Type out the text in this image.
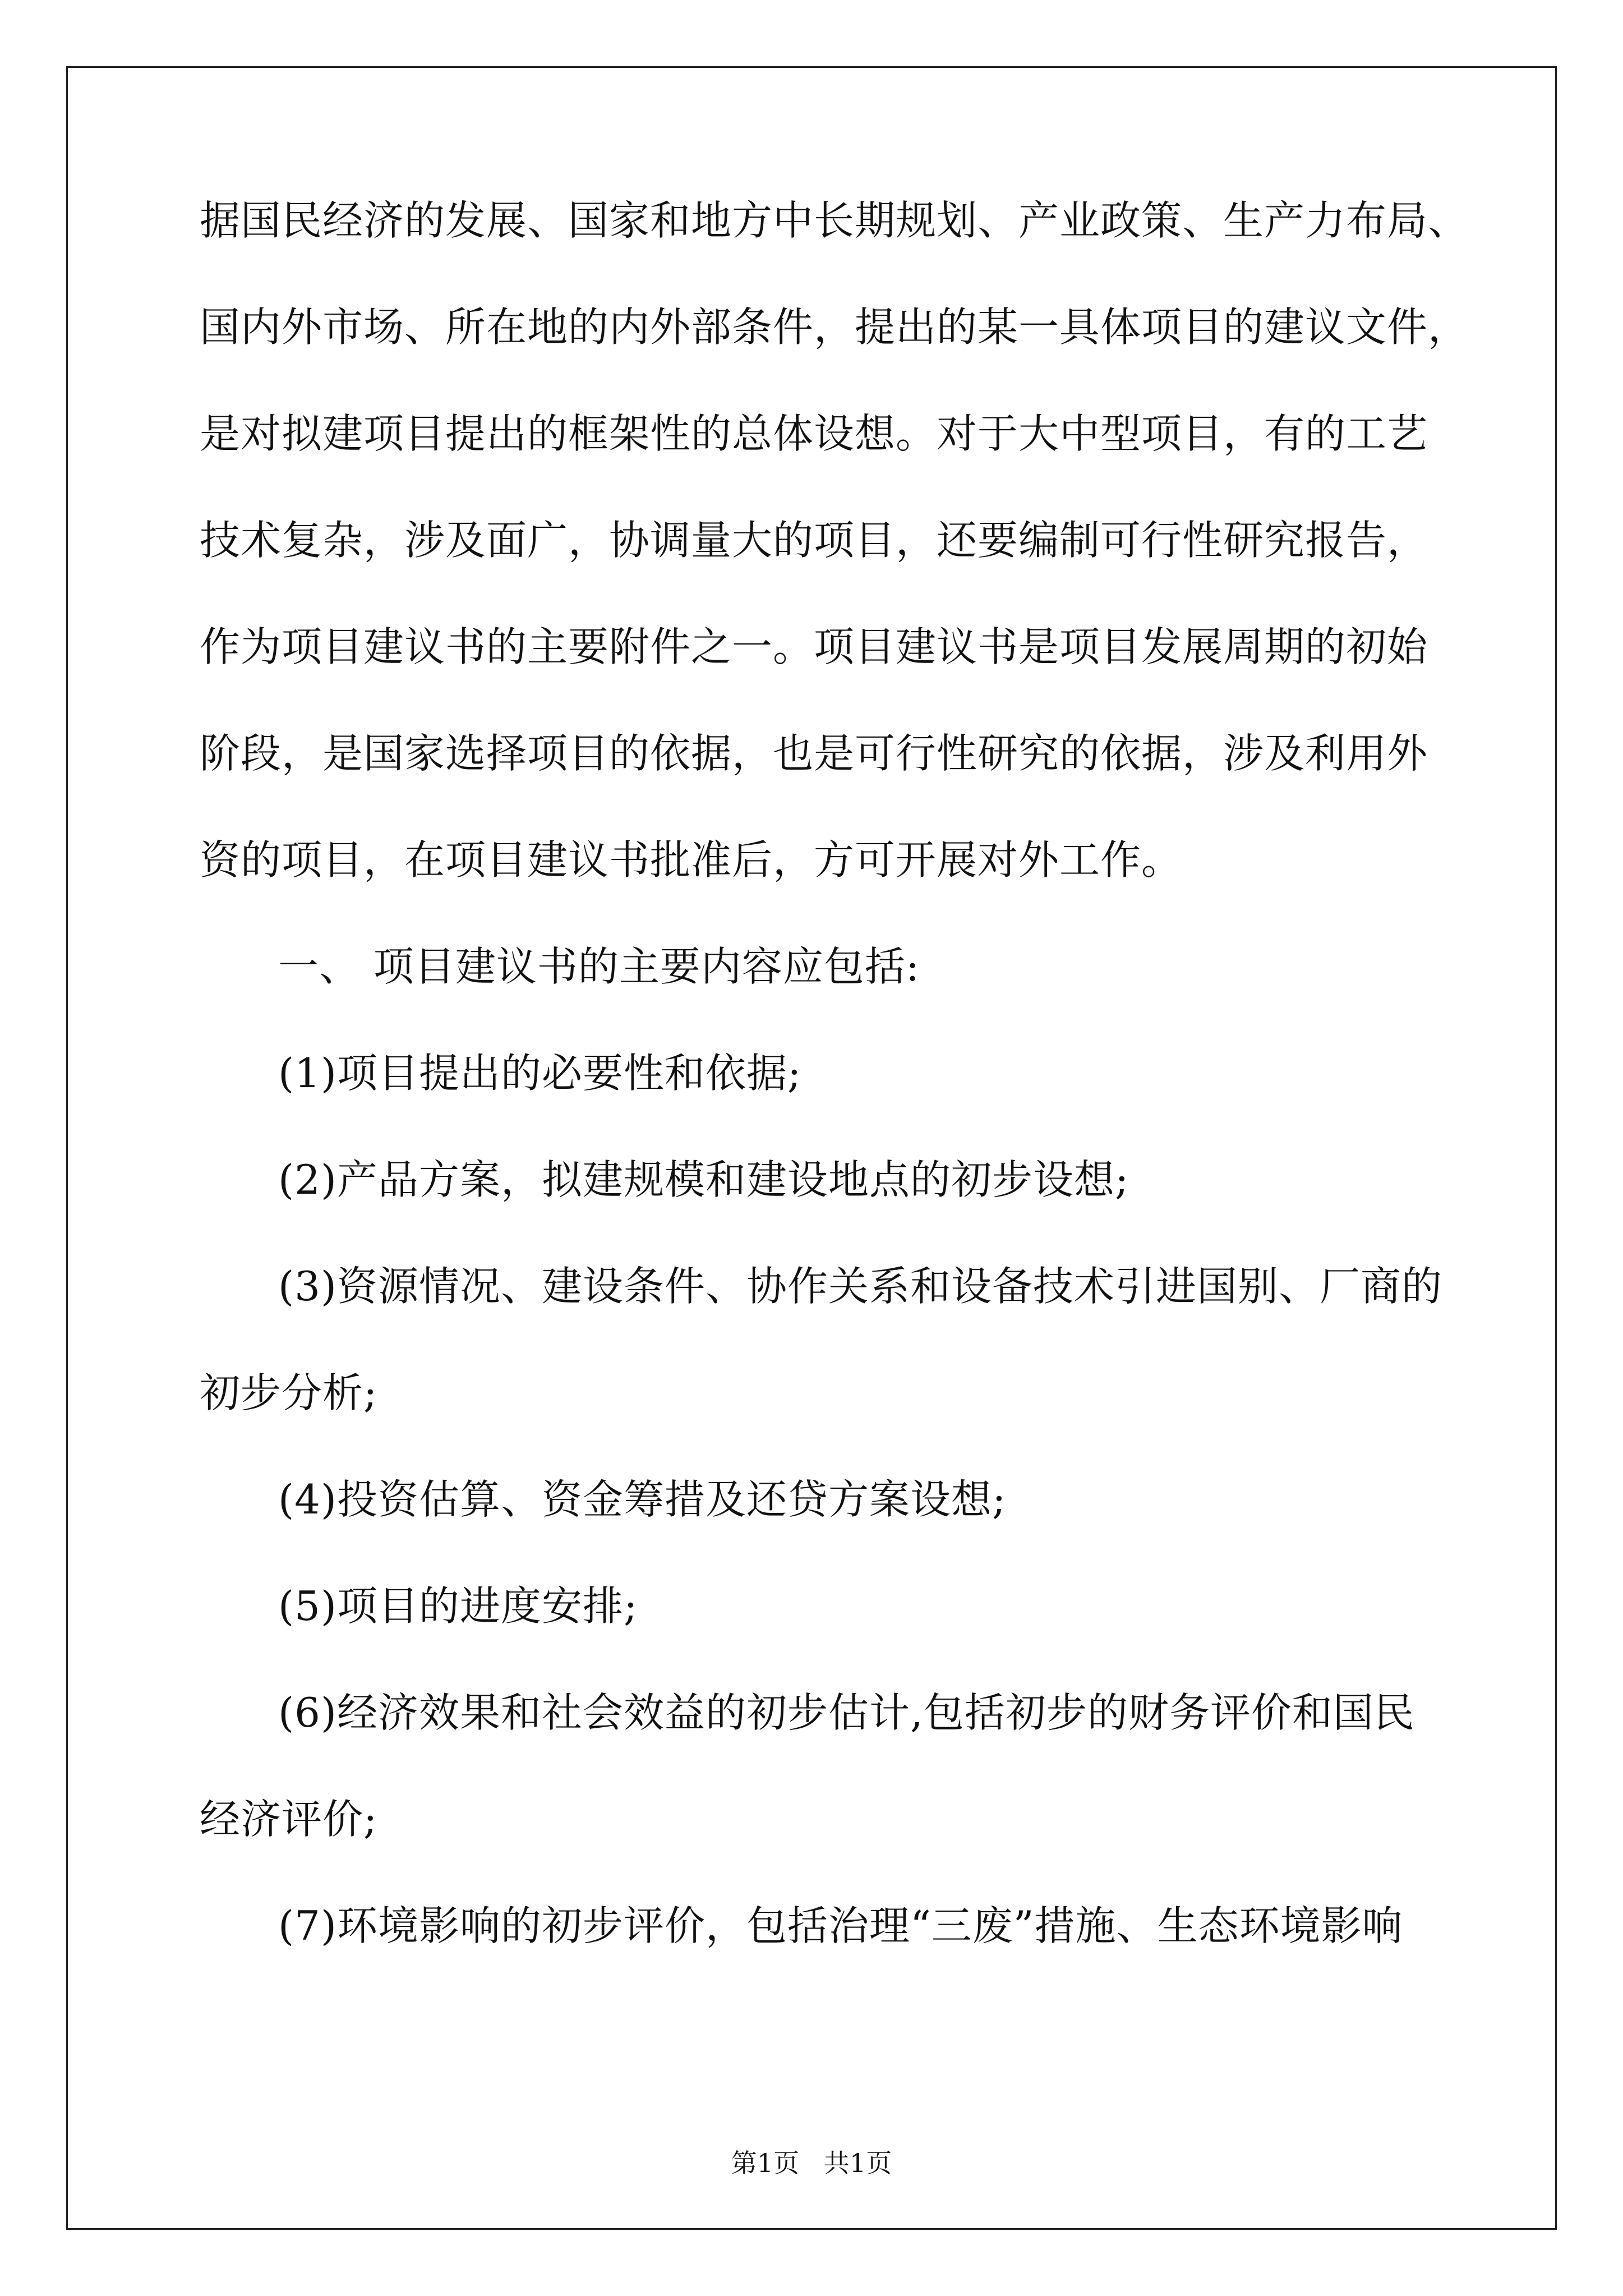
据国民经济的发展、国家和地方中长期规划、产业政策、生产力布局、
国内外市场、所在地的内外部条件，提出的某一具体项目的建议文件，
是对拟建项目提出的框架性的总体设想。对于大中型项目，有的工艺
技术复杂，涉及面广，协调量大的项目，还要编制可行性研究报告，
作为项目建议书的主要附件之一。项目建议书是项目发展周期的初始
阶段，是国家选择项目的依据，也是可行性研究的依据，涉及利用外
资的项目，在项目建议书批准后，方可开展对外工作。
一、 项目建议书的主要内容应包括:
(1)项目提出的必要性和依据;
(2)产品方案，拟建规模和建设地点的初步设想;
(3)资源情况、建设条件、协作关系和设备技术引进国别、厂商的
初步分析;
(4)投资估算、资金筹措及还贷方案设想;
(5)项目的进度安排;
(6)经济效果和社会效益的初步估计,包括初步的财务评价和国民
经济评价;
(7)环境影响的初步评价，包括治理“三废”措施、生态环境影响
第1页   共1页
